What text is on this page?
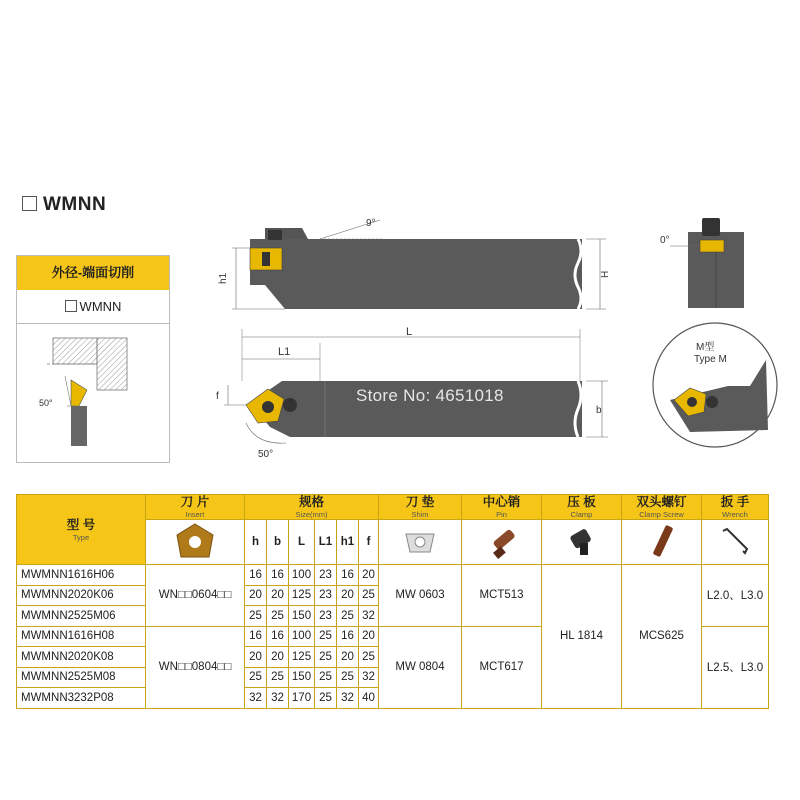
WMNN
外径-端面切削
WMNN
50°
h1	H
9°
0°
L
L1
f
b
50°
Store No: 4651018
M型
Type M
型 号
Type	刀 片
Insert	规格
Size(mm)						刀 垫
Shim	中心销
Pin	压 板
Clamp	双头螺钉
Clamp Screw	扳 手
Wrench

	h	b	L	L1	h1	f					
MWMNN1616H06	WN□□0604□□	16	16	100	23	16	20	MW 0603	MCT513	HL 1814	MCS625	L2.0、L3.0
MWMNN2020K06		20	20	125	23	20	25					
MWMNN2525M06		25	25	150	23	25	32					
MWMNN1616H08	WN□□0804□□	16	16	100	25	16	20	MW 0804	MCT617			L2.5、L3.0
MWMNN2020K08		20	20	125	25	20	25					
MWMNN2525M08		25	25	150	25	25	32					
MWMNN3232P08		32	32	170	25	32	40					
